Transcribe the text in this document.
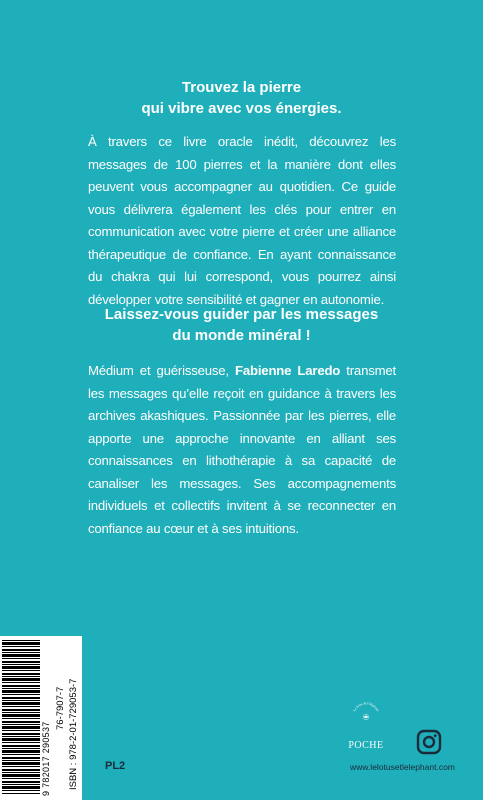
Trouvez la pierre
qui vibre avec vos énergies.
À travers ce livre oracle inédit, découvrez les messages de 100 pierres et la manière dont elles peuvent vous accompagner au quotidien. Ce guide vous délivrera également les clés pour entrer en communication avec votre pierre et créer une alliance thérapeutique de confiance. En ayant connaissance du chakra qui lui correspond, vous pourrez ainsi développer votre sensibilité et gagner en autonomie.
Laissez-vous guider par les messages
du monde minéral !
Médium et guérisseuse, Fabienne Laredo transmet les messages qu’elle reçoit en guidance à travers les archives akashiques. Passionnée par les pierres, elle apporte une approche innovante en alliant ses connaissances en lithothérapie à sa capacité de canaliser les messages. Ses accompagnements individuels et collectifs invitent à se reconnecter en confiance au cœur et à ses intuitions.
9 782017 290537
76-7907-7 ISBN : 978-2-01-729053-7 PL2
Le lotus & l'éléphant
POCHE
www.lelotusetlelephant.com
